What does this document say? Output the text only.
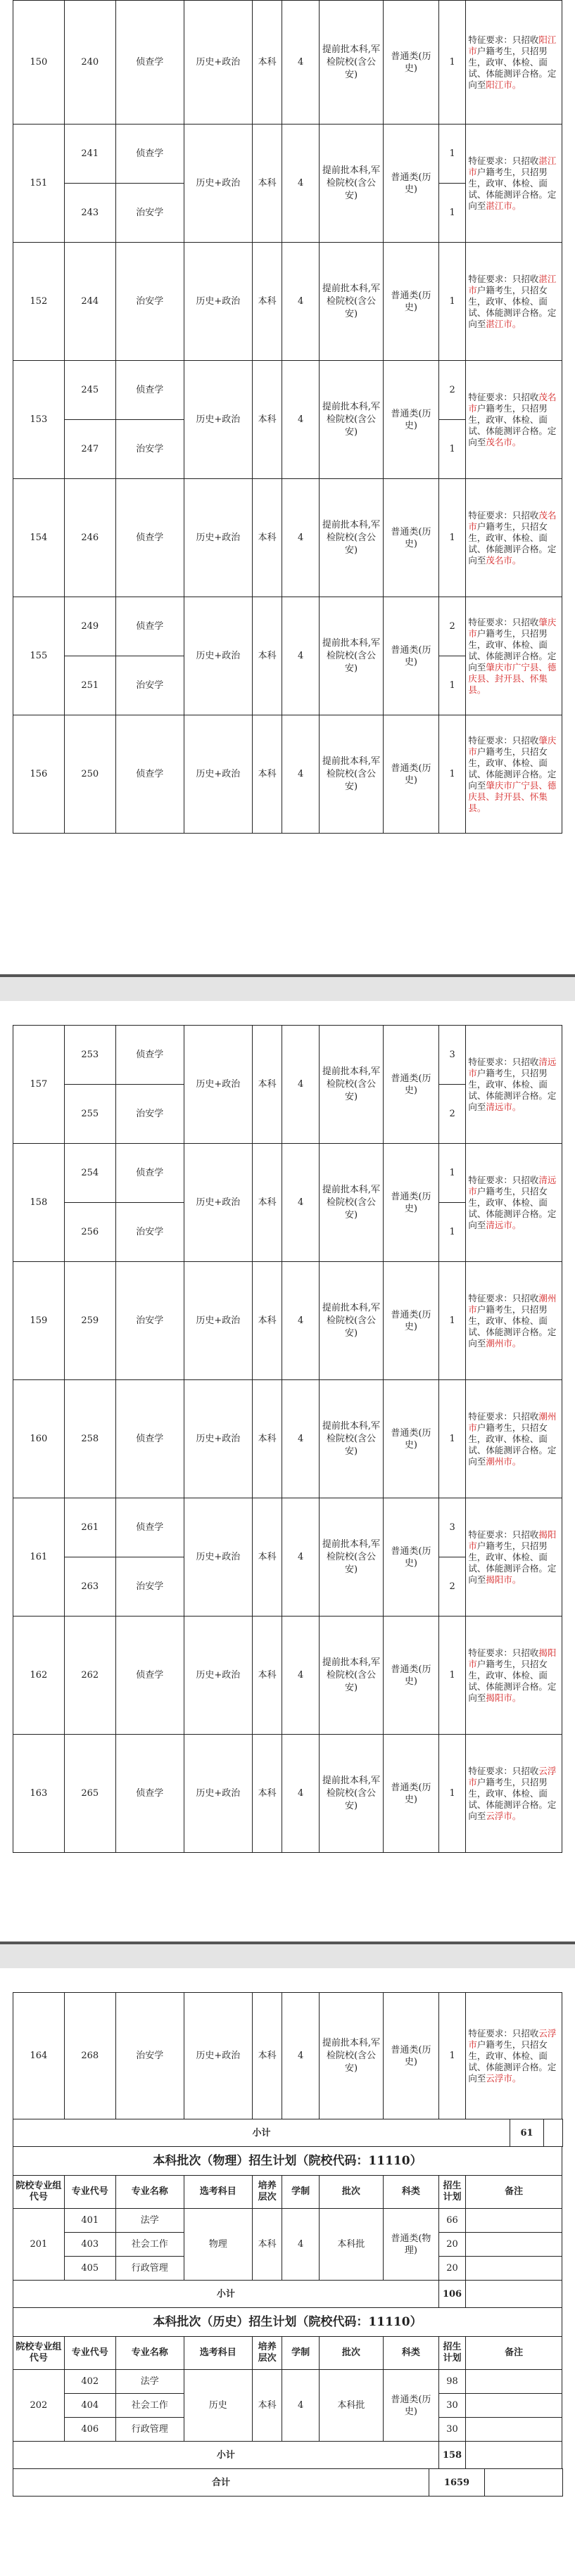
150	240	侦查学	历史+政治	本科	4	提前批本科,军检院校(含公安)	普通类(历史)	1	特征要求：只招收阳江市户籍考生，只招男生，政审、体检、面试、体能测评合格。定向至阳江市。
151	241	侦查学	历史+政治	本科	4	提前批本科,军检院校(含公安)	普通类(历史)	1	特征要求：只招收湛江市户籍考生，只招男生，政审、体检、面试、体能测评合格。定向至湛江市。
	243	治安学						1	
152	244	治安学	历史+政治	本科	4	提前批本科,军检院校(含公安)	普通类(历史)	1	特征要求：只招收湛江市户籍考生，只招女生，政审、体检、面试、体能测评合格。定向至湛江市。
153	245	侦查学	历史+政治	本科	4	提前批本科,军检院校(含公安)	普通类(历史)	2	特征要求：只招收茂名市户籍考生，只招男生，政审、体检、面试、体能测评合格。定向至茂名市。
	247	治安学						1	
154	246	侦查学	历史+政治	本科	4	提前批本科,军检院校(含公安)	普通类(历史)	1	特征要求：只招收茂名市户籍考生，只招女生，政审、体检、面试、体能测评合格。定向至茂名市。
155	249	侦查学	历史+政治	本科	4	提前批本科,军检院校(含公安)	普通类(历史)	2	特征要求：只招收肇庆市户籍考生，只招男生，政审、体检、面试、体能测评合格。定向至肇庆市广宁县、德庆县、封开县、怀集县。
	251	治安学						1	
156	250	侦查学	历史+政治	本科	4	提前批本科,军检院校(含公安)	普通类(历史)	1	特征要求：只招收肇庆市户籍考生，只招女生，政审、体检、面试、体能测评合格。定向至肇庆市广宁县、德庆县、封开县、怀集县。
157	253	侦查学	历史+政治	本科	4	提前批本科,军检院校(含公安)	普通类(历史)	3	特征要求：只招收清远市户籍考生，只招男生，政审、体检、面试、体能测评合格。定向至清远市。
	255	治安学						2	
158	254	侦查学	历史+政治	本科	4	提前批本科,军检院校(含公安)	普通类(历史)	1	特征要求：只招收清远市户籍考生，只招女生，政审、体检、面试、体能测评合格。定向至清远市。
	256	治安学						1	
159	259	治安学	历史+政治	本科	4	提前批本科,军检院校(含公安)	普通类(历史)	1	特征要求：只招收潮州市户籍考生，只招男生，政审、体检、面试、体能测评合格。定向至潮州市。
160	258	侦查学	历史+政治	本科	4	提前批本科,军检院校(含公安)	普通类(历史)	1	特征要求：只招收潮州市户籍考生，只招女生，政审、体检、面试、体能测评合格。定向至潮州市。
161	261	侦查学	历史+政治	本科	4	提前批本科,军检院校(含公安)	普通类(历史)	3	特征要求：只招收揭阳市户籍考生，只招男生，政审、体检、面试、体能测评合格。定向至揭阳市。
	263	治安学						2	
162	262	侦查学	历史+政治	本科	4	提前批本科,军检院校(含公安)	普通类(历史)	1	特征要求：只招收揭阳市户籍考生，只招女生，政审、体检、面试、体能测评合格。定向至揭阳市。
163	265	侦查学	历史+政治	本科	4	提前批本科,军检院校(含公安)	普通类(历史)	1	特征要求：只招收云浮市户籍考生，只招男生，政审、体检、面试、体能测评合格。定向至云浮市。
164	268	治安学	历史+政治	本科	4	提前批本科,军检院校(含公安)	普通类(历史)	1	特征要求：只招收云浮市户籍考生，只招女生，政审、体检、面试、体能测评合格。定向至云浮市。
小计	61	
本科批次（物理）招生计划（院校代码：11110）									
院校专业组代号	专业代号	专业名称	选考科目	培养层次	学制	批次	科类	招生计划	备注
201	401	法学	物理	本科	4	本科批	普通类(物理)	66	
	403	社会工作						20	
	405	行政管理						20	
小计								106	
本科批次（历史）招生计划（院校代码：11110）									
院校专业组代号	专业代号	专业名称	选考科目	培养层次	学制	批次	科类	招生计划	备注
202	402	法学	历史	本科	4	本科批	普通类(历史)	98	
	404	社会工作						30	
	406	行政管理						30	
小计								158	
合计	1659	
